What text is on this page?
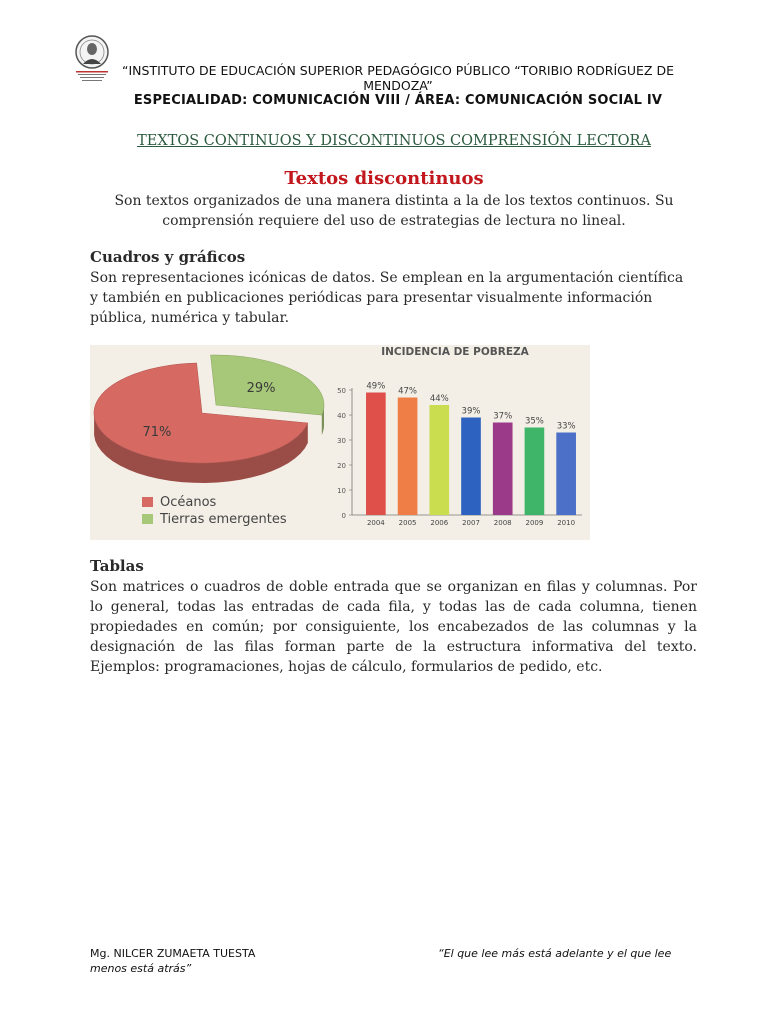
“INSTITUTO DE EDUCACIÓN SUPERIOR PEDAGÓGICO PÚBLICO “TORIBIO RODRÍGUEZ DE MENDOZA”
ESPECIALIDAD: COMUNICACIÓN VIII / ÁREA: COMUNICACIÓN SOCIAL IV
TEXTOS CONTINUOS Y DISCONTINUOS COMPRENSIÓN LECTORA
Textos discontinuos
Son textos organizados de una manera distinta a la de los textos continuos. Su comprensión requiere del uso de estrategias de lectura no lineal.
Cuadros y gráficos
Son representaciones icónicas de datos. Se emplean en la argumentación científica y también en publicaciones periódicas para presentar visualmente información pública, numérica y tabular.
71%
29%
Océanos
Tierras emergentes
INCIDENCIA DE POBREZA
0
10
20
30
40
50 49%
2004
47%
2005
44%
2006
39%
2007
37%
2008
35%
2009
33%
2010
Tablas
Son matrices o cuadros de doble entrada que se organizan en filas y columnas. Por lo general, todas las entradas de cada fila, y todas las de cada columna, tienen propiedades en común; por consiguiente, los encabezados de las columnas y la designación de las filas forman parte de la estructura informativa del texto. Ejemplos: programaciones, hojas de cálculo, formularios de pedido, etc.
Mg. NILCER ZUMAETA TUESTA	“El que lee más está adelante y el que lee
menos está atrás”
